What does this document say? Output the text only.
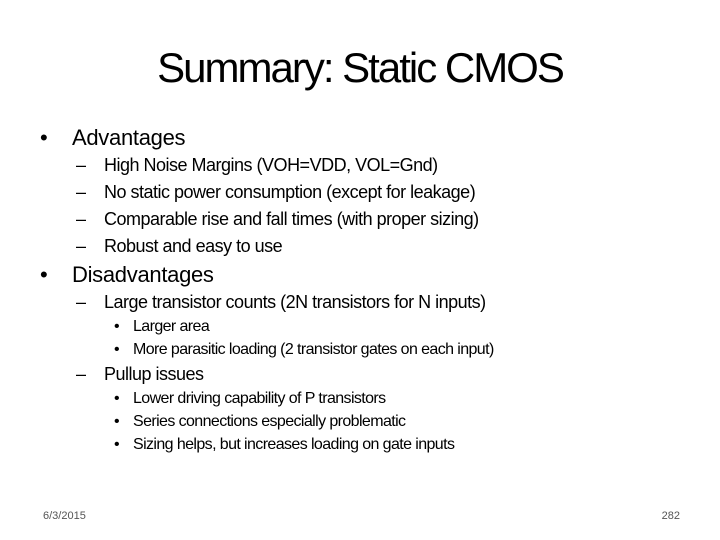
Summary: Static CMOS
• Advantages
– High Noise Margins (VOH=VDD, VOL=Gnd)
– No static power consumption (except for leakage)
– Comparable rise and fall times (with proper sizing)
– Robust and easy to use
• Disadvantages
– Large transistor counts (2N transistors for N inputs)
• Larger area
• More parasitic loading (2 transistor gates on each input)
– Pullup issues
• Lower driving capability of P transistors
• Series connections especially problematic
• Sizing helps, but increases loading on gate inputs
6/3/2015	282
